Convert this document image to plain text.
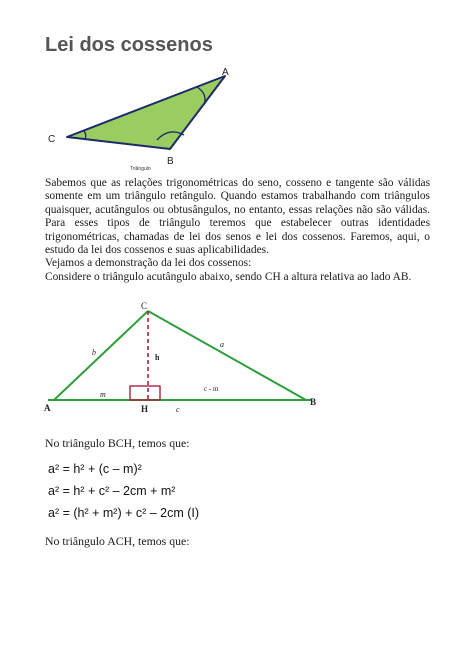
Lei dos cossenos
A
B
C
Triângulo

Sabemos que as relações trigonométricas do seno, cosseno e tangente são válidas somente em um triângulo retângulo. Quando estamos trabalhando com triângulos quaisquer, acutângulos ou obtusângulos, no entanto, essas relações não são válidas. Para esses tipos de triângulo teremos que estabelecer outras identidades trigonométricas, chamadas de lei dos senos e lei dos cossenos. Faremos, aqui, o estudo da lei dos cossenos e suas aplicabilidades.

Vejamos a demonstração da lei dos cossenos:

Considere o triângulo acutângulo abaixo, sendo CH a altura relativa ao lado AB.

C
A
B
H
b
a
h
m
c - m
c
No triângulo BCH, temos que:
a² = h² + (c – m)²
a² = h² + c² – 2cm + m²
a² = (h² + m²) + c² – 2cm (I)
No triângulo ACH, temos que:
